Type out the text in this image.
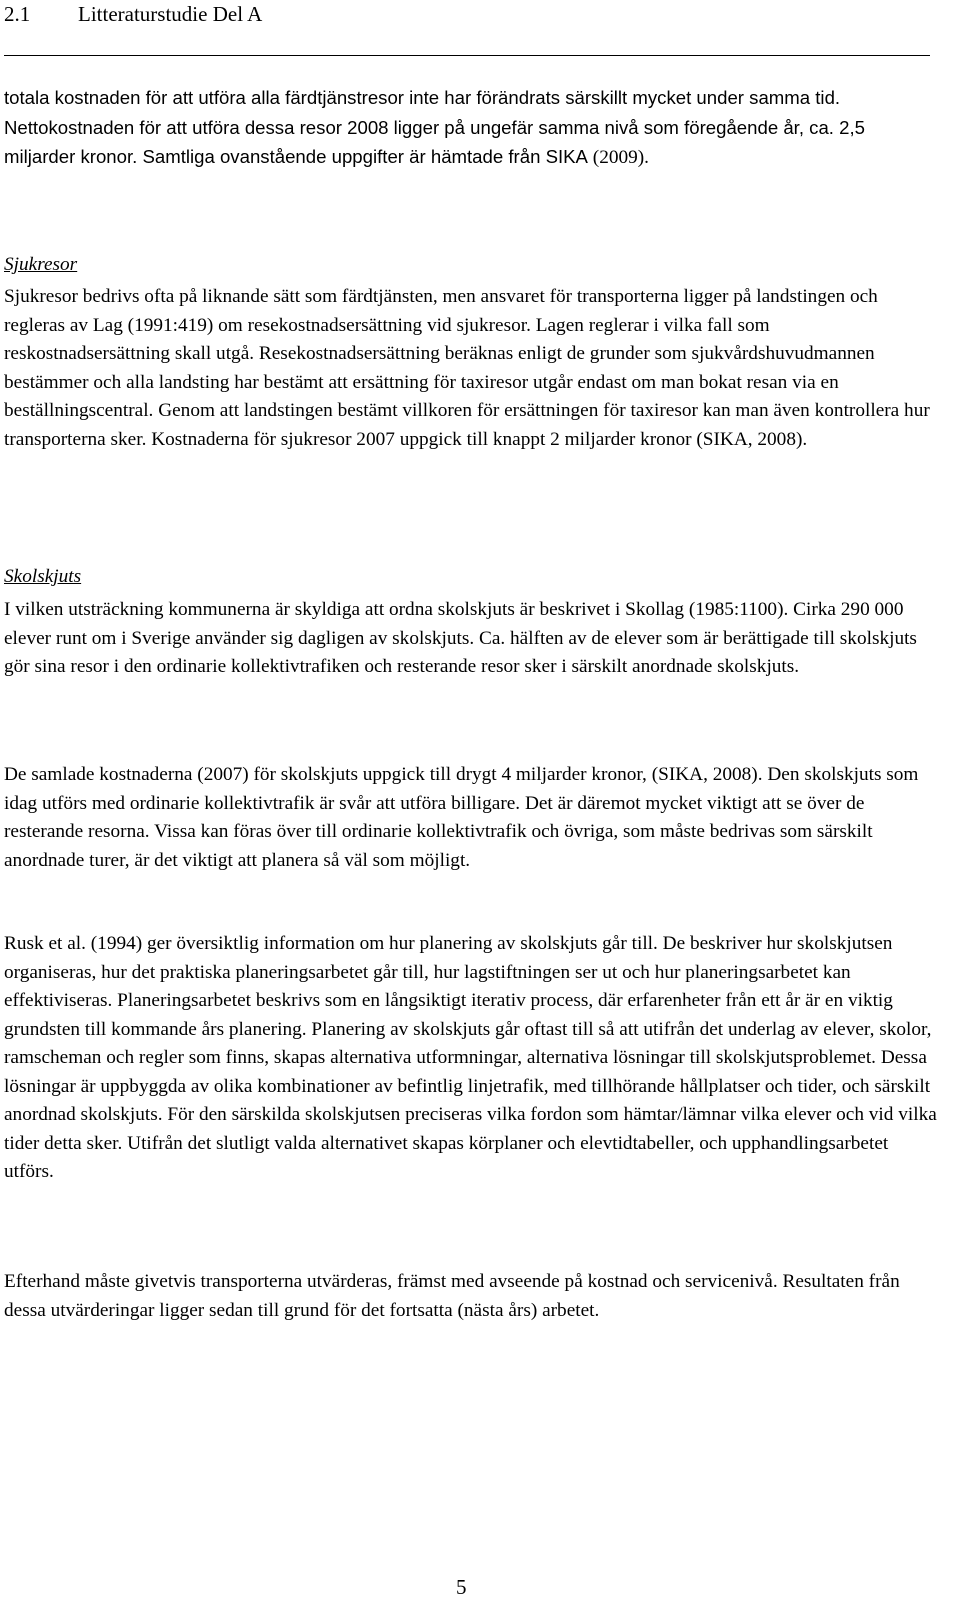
2.1 Litteraturstudie Del A

totala kostnaden för att utföra alla färdtjänstresor inte har förändrats särskillt mycket under samma tid. Nettokostnaden för att utföra dessa resor 2008 ligger på ungefär samma nivå som föregående år, ca. 2,5 miljarder kronor. Samtliga ovanstående uppgifter är hämtade från SIKA (2009).

Sjukresor

Sjukresor bedrivs ofta på liknande sätt som färdtjänsten, men ansvaret för transporterna ligger på landstingen och regleras av Lag (1991:419) om resekostnadsersättning vid sjukresor. Lagen reglerar i vilka fall som reskostnadsersättning skall utgå. Resekostnadsersättning beräknas enligt de grunder som sjukvårdshuvudmannen bestämmer och alla landsting har bestämt att ersättning för taxiresor utgår endast om man bokat resan via en beställningscentral. Genom att landstingen bestämt villkoren för ersättningen för taxiresor kan man även kontrollera hur transporterna sker. Kostnaderna för sjukresor 2007 uppgick till knappt 2 miljarder kronor (SIKA, 2008).

Skolskjuts

I vilken utsträckning kommunerna är skyldiga att ordna skolskjuts är beskrivet i Skollag (1985:1100). Cirka 290 000 elever runt om i Sverige använder sig dagligen av skolskjuts. Ca. hälften av de elever som är berättigade till skolskjuts gör sina resor i den ordinarie kollektivtrafiken och resterande resor sker i särskilt anordnade skolskjuts.

De samlade kostnaderna (2007) för skolskjuts uppgick till drygt 4 miljarder kronor, (SIKA, 2008). Den skolskjuts som idag utförs med ordinarie kollektivtrafik är svår att utföra billigare. Det är däremot mycket viktigt att se över de resterande resorna. Vissa kan föras över till ordinarie kollektivtrafik och övriga, som måste bedrivas som särskilt anordnade turer, är det viktigt att planera så väl som möjligt.

Rusk et al. (1994) ger översiktlig information om hur planering av skolskjuts går till. De beskriver hur skolskjutsen organiseras, hur det praktiska planeringsarbetet går till, hur lagstiftningen ser ut och hur planeringsarbetet kan effektiviseras. Planeringsarbetet beskrivs som en långsiktigt iterativ process, där erfarenheter från ett år är en viktig grundsten till kommande års planering. Planering av skolskjuts går oftast till så att utifrån det underlag av elever, skolor, ramscheman och regler som finns, skapas alternativa utformningar, alternativa lösningar till skolskjutsproblemet. Dessa lösningar är uppbyggda av olika kombinationer av befintlig linjetrafik, med tillhörande hållplatser och tider, och särskilt anordnad skolskjuts. För den särskilda skolskjutsen preciseras vilka fordon som hämtar/lämnar vilka elever och vid vilka tider detta sker. Utifrån det slutligt valda alternativet skapas körplaner och elevtidtabeller, och upphandlingsarbetet utförs.

Efterhand måste givetvis transporterna utvärderas, främst med avseende på kostnad och servicenivå. Resultaten från dessa utvärderingar ligger sedan till grund för det fortsatta (nästa års) arbetet.

5
